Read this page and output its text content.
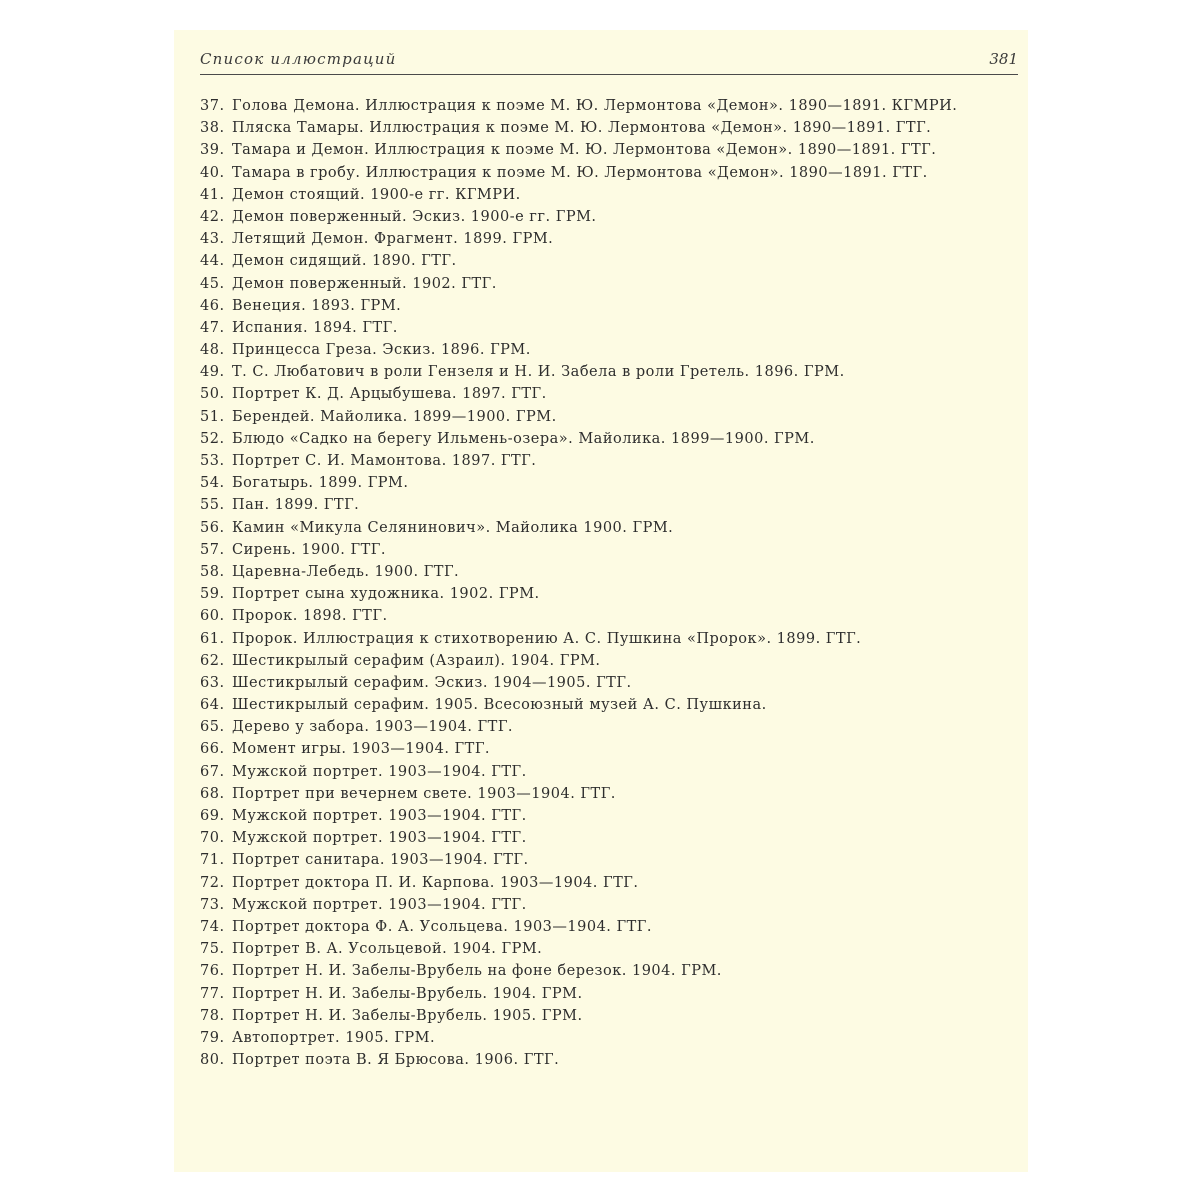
Список иллюстраций	381
37. Голова Демона. Иллюстрация к поэме М. Ю. Лермонтова «Демон». 1890—1891. КГМРИ.
38. Пляска Тамары. Иллюстрация к поэме М. Ю. Лермонтова «Демон». 1890—1891. ГТГ.
39. Тамара и Демон. Иллюстрация к поэме М. Ю. Лермонтова «Демон». 1890—1891. ГТГ.
40. Тамара в гробу. Иллюстрация к поэме М. Ю. Лермонтова «Демон». 1890—1891. ГТГ.
41. Демон стоящий. 1900-е гг. КГМРИ.
42. Демон поверженный. Эскиз. 1900-е гг. ГРМ.
43. Летящий Демон. Фрагмент. 1899. ГРМ.
44. Демон сидящий. 1890. ГТГ.
45. Демон поверженный. 1902. ГТГ.
46. Венеция. 1893. ГРМ.
47. Испания. 1894. ГТГ.
48. Принцесса Греза. Эскиз. 1896. ГРМ.
49. Т. С. Любатович в роли Гензеля и Н. И. Забела в роли Гретель. 1896. ГРМ.
50. Портрет К. Д. Арцыбушева. 1897. ГТГ.
51. Берендей. Майолика. 1899—1900. ГРМ.
52. Блюдо «Садко на берегу Ильмень-озера». Майолика. 1899—1900. ГРМ.
53. Портрет С. И. Мамонтова. 1897. ГТГ.
54. Богатырь. 1899. ГРМ.
55. Пан. 1899. ГТГ.
56. Камин «Микула Селянинович». Майолика 1900. ГРМ.
57. Сирень. 1900. ГТГ.
58. Царевна-Лебедь. 1900. ГТГ.
59. Портрет сына художника. 1902. ГРМ.
60. Пророк. 1898. ГТГ.
61. Пророк. Иллюстрация к стихотворению А. С. Пушкина «Пророк». 1899. ГТГ.
62. Шестикрылый серафим (Азраил). 1904. ГРМ.
63. Шестикрылый серафим. Эскиз. 1904—1905. ГТГ.
64. Шестикрылый серафим. 1905. Всесоюзный музей А. С. Пушкина.
65. Дерево у забора. 1903—1904. ГТГ.
66. Момент игры. 1903—1904. ГТГ.
67. Мужской портрет. 1903—1904. ГТГ.
68. Портрет при вечернем свете. 1903—1904. ГТГ.
69. Мужской портрет. 1903—1904. ГТГ.
70. Мужской портрет. 1903—1904. ГТГ.
71. Портрет санитара. 1903—1904. ГТГ.
72. Портрет доктора П. И. Карпова. 1903—1904. ГТГ.
73. Мужской портрет. 1903—1904. ГТГ.
74. Портрет доктора Ф. А. Усольцева. 1903—1904. ГТГ.
75. Портрет В. А. Усольцевой. 1904. ГРМ.
76. Портрет Н. И. Забелы-Врубель на фоне березок. 1904. ГРМ.
77. Портрет Н. И. Забелы-Врубель. 1904. ГРМ.
78. Портрет Н. И. Забелы-Врубель. 1905. ГРМ.
79. Автопортрет. 1905. ГРМ.
80. Портрет поэта В. Я Брюсова. 1906. ГТГ.
